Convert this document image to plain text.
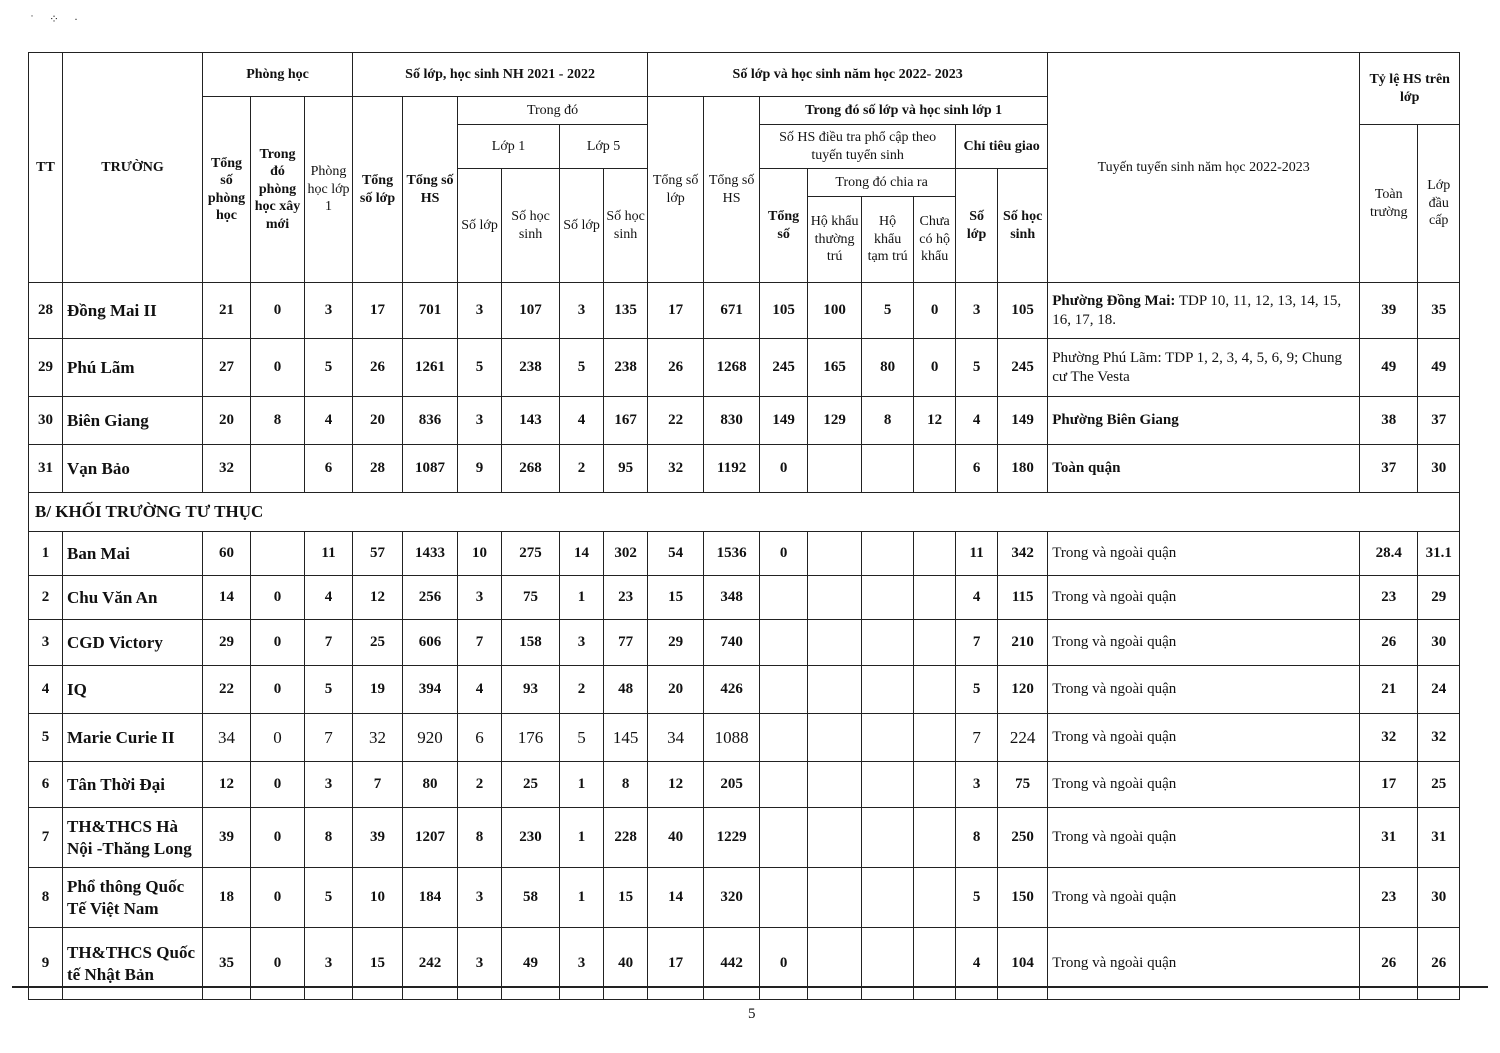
˙ ⁘ ·
TT	TRƯỜNG	Phòng học			Số lớp, học sinh NH 2021 - 2022						Số lớp và học sinh năm học 2022- 2023								Tuyến tuyển sinh năm học 2022-2023	Tỷ lệ HS trên lớp	
		Tổng số phòng học	Trong đó phòng học xây mới	Phòng học lớp 1	Tổng số lớp	Tổng số HS	Trong đó				Tổng số lớp	Tổng số HS	Trong đó số lớp và học sinh lớp 1								
							Lớp 1		Lớp 5				Số HS điều tra phổ cập theo tuyến tuyển sinh				Chỉ tiêu giao			Toàn trường	Lớp đầu cấp
							Số lớp	Số học sinh	Số lớp	Số học sinh			Tổng số	Trong đó chia ra			Số lớp	Số học sinh			
														Hộ khẩu thường trú	Hộ khẩu tạm trú	Chưa có hộ khẩu					
28	Đồng Mai II	21	0	3	17	701	3	107	3	135	17	671	105	100	5	0	3	105	Phường Đồng Mai: TDP 10, 11, 12, 13, 14, 15, 16, 17, 18.	39	35
29	Phú Lãm	27	0	5	26	1261	5	238	5	238	26	1268	245	165	80	0	5	245	Phường Phú Lãm: TDP 1, 2, 3, 4, 5, 6, 9; Chung cư The Vesta	49	49
30	Biên Giang	20	8	4	20	836	3	143	4	167	22	830	149	129	8	12	4	149	Phường Biên Giang	38	37
31	Vạn Bảo	32		6	28	1087	9	268	2	95	32	1192	0				6	180	Toàn quận	37	30
B/ KHỐI TRƯỜNG TƯ THỤC																					
1	Ban Mai	60		11	57	1433	10	275	14	302	54	1536	0				11	342	Trong và ngoài quận	28.4	31.1
2	Chu Văn An	14	0	4	12	256	3	75	1	23	15	348					4	115	Trong và ngoài quận	23	29
3	CGD Victory	29	0	7	25	606	7	158	3	77	29	740					7	210	Trong và ngoài quận	26	30
4	IQ	22	0	5	19	394	4	93	2	48	20	426					5	120	Trong và ngoài quận	21	24
5	Marie Curie II	34	0	7	32	920	6	176	5	145	34	1088					7	224	Trong và ngoài quận	32	32
6	Tân Thời Đại	12	0	3	7	80	2	25	1	8	12	205					3	75	Trong và ngoài quận	17	25
7	TH&THCS Hà Nội -Thăng Long	39	0	8	39	1207	8	230	1	228	40	1229					8	250	Trong và ngoài quận	31	31
8	Phổ thông Quốc Tế Việt Nam	18	0	5	10	184	3	58	1	15	14	320					5	150	Trong và ngoài quận	23	30
9	TH&THCS Quốc tế Nhật Bản	35	0	3	15	242	3	49	3	40	17	442	0				4	104	Trong và ngoài quận	26	26
5
